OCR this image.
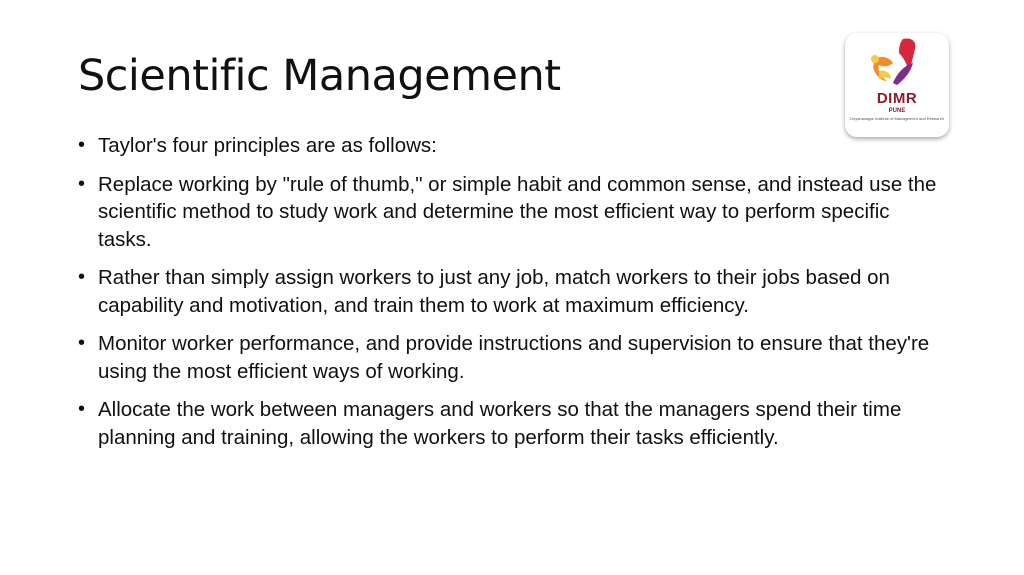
Scientific Management
• Taylor's four principles are as follows:
• Replace working by "rule of thumb," or simple habit and common sense, and instead use the scientific method to study work and determine the most efficient way to perform specific tasks.
• Rather than simply assign workers to just any job, match workers to their jobs based on capability and motivation, and train them to work at maximum efficiency.
• Monitor worker performance, and provide instructions and supervision to ensure that they're using the most efficient ways of working.
• Allocate the work between managers and workers so that the managers spend their time planning and training, allowing the workers to perform their tasks efficiently.
DIMR
PUNE
Dnyanasagar Institute of Management and Research
